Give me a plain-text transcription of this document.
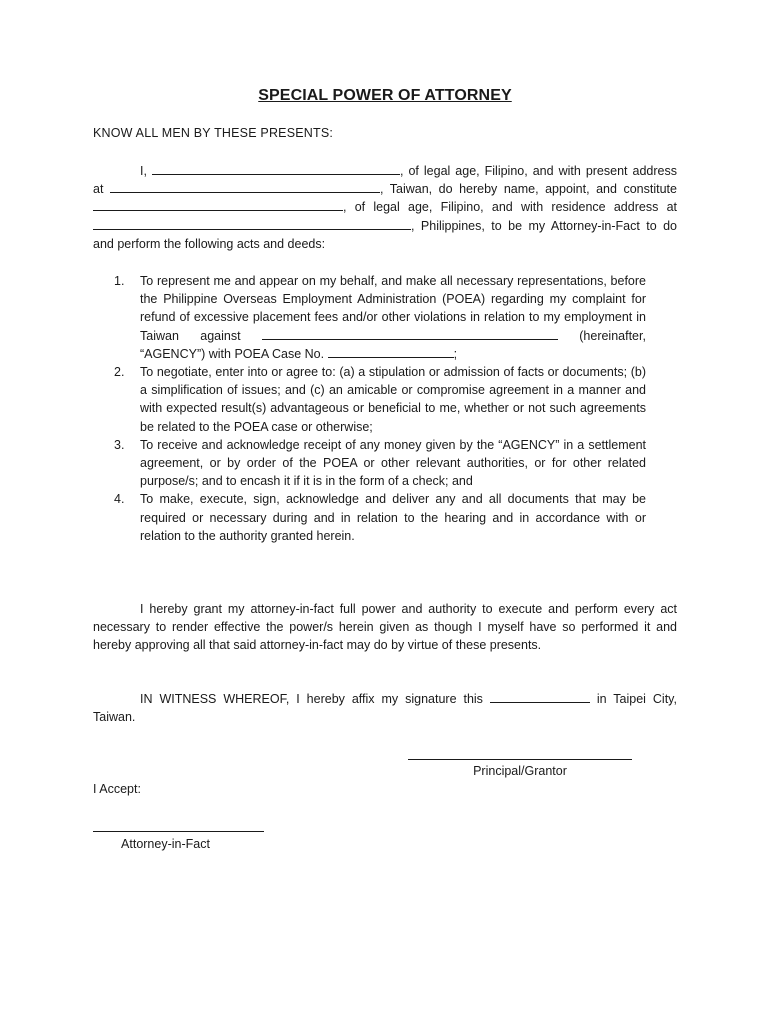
SPECIAL POWER OF ATTORNEY
KNOW ALL MEN BY THESE PRESENTS:
I,	, of legal age, Filipino, and with present address at	, Taiwan, do hereby name, appoint, and constitute , of legal age, Filipino, and with residence address at , Philippines, to be my Attorney-in-Fact to do and perform the following acts and deeds:
1. To represent me and appear on my behalf, and make all necessary representations, before the Philippine Overseas Employment Administration (POEA) regarding my complaint for refund of excessive placement fees and/or other violations in relation to my employment in Taiwan against	(hereinafter, “AGENCY”) with POEA Case No.	;
2. To negotiate, enter into or agree to: (a) a stipulation or admission of facts or documents; (b) a simplification of issues; and (c) an amicable or compromise agreement in a manner and with expected result(s) advantageous or beneficial to me, whether or not such agreements be related to the POEA case or otherwise;
3. To receive and acknowledge receipt of any money given by the “AGENCY” in a settlement agreement, or by order of the POEA or other relevant authorities, or for other related purpose/s; and to encash it if it is in the form of a check; and
4. To make, execute, sign, acknowledge and deliver any and all documents that may be required or necessary during and in relation to the hearing and in accordance with or relation to the authority granted herein.
I hereby grant my attorney-in-fact full power and authority to execute and perform every act necessary to render effective the power/s herein given as though I myself have so performed it and hereby approving all that said attorney-in-fact may do by virtue of these presents.
IN WITNESS WHEREOF, I hereby affix my signature this	in Taipei City, Taiwan.
Principal/Grantor
I Accept:
Attorney-in-Fact
